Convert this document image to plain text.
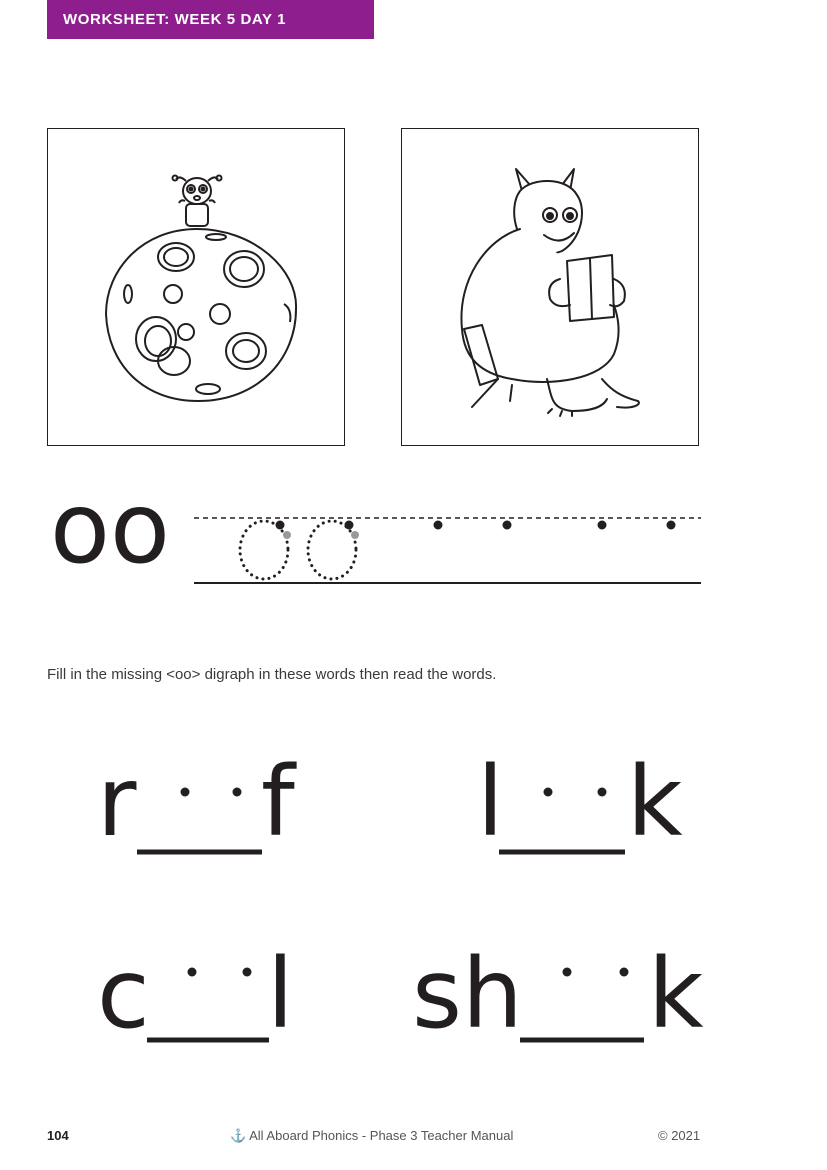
WORKSHEET: WEEK 5 DAY 1
oo
Fill in the missing <oo> digraph in these words then read the words.
r f l k
c l sh k
104	⚓ All Aboard Phonics - Phase 3 Teacher Manual	© 2021
